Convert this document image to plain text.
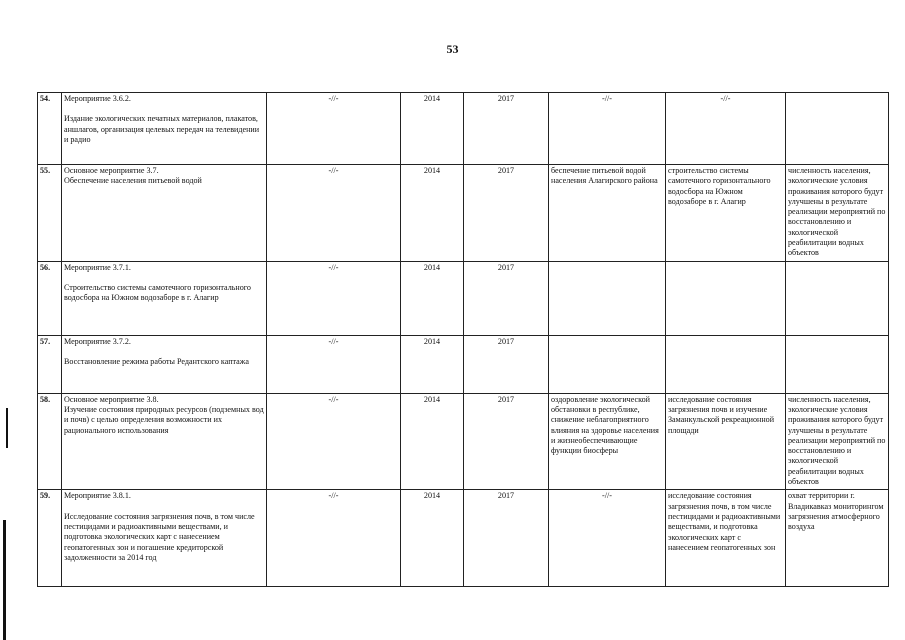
53
54.	Мероприятие 3.6.2.
Издание экологических печатных материалов, плакатов, аншлагов, организация целевых передач на телевидении и радио	-//-	2014	2017	-//-	-//-	
55.	Основное мероприятие 3.7.
Обеспечение населения питьевой водой	-//-	2014	2017	беспечение питьевой водой населения Алагирского района	строительство системы самотечного горизонтального водосбора на Южном водозаборе в г. Алагир	численность населения, экологические условия проживания которого будут улучшены в результате реализации мероприятий по восстановлению и экологической реабилитации водных объектов
56.	Мероприятие 3.7.1.
Строительство системы самотечного горизонтального водосбора на Южном водозаборе в г. Алагир	-//-	2014	2017			
57.	Мероприятие 3.7.2.
Восстановление режима работы Редантского каптажа	-//-	2014	2017			
58.	Основное мероприятие 3.8.
Изучение состояния природных ресурсов (подземных вод и почв) с целью определения возможности их рационального использования	-//-	2014	2017	оздоровление экологической обстановки в республике, снижение неблагоприятного влияния на здоровье населения и жизнеобеспечивающие функции биосферы	исследование состояния загрязнения почв и изучение Заманкульской рекреационной площади	численность населения, экологические условия проживания которого будут улучшены в результате реализации мероприятий по восстановлению и экологической реабилитации водных объектов
59.	Мероприятие 3.8.1.
Исследование состояния загрязнения почв, в том числе пестицидами и радиоактивными веществами, и подготовка экологических карт с нанесением геопатогенных зон и погашение кредиторской задолженности за 2014 год	-//-	2014	2017	-//-	исследование состояния загрязнения почв, в том числе пестицидами и радиоактивными веществами, и подготовка экологических карт с нанесением геопатогенных зон	охват территории г. Владикавказ мониторингом загрязнения атмосферного воздуха
